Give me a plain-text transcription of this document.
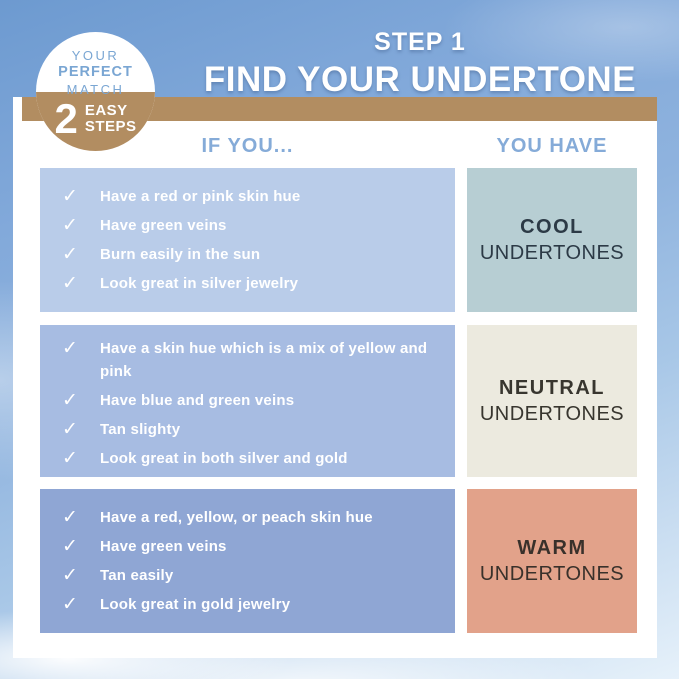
STEP 1
FIND YOUR UNDERTONE
YOUR
PERFECT
MATCH
2 EASY
STEPS
IF YOU...	YOU HAVE
✓	Have a red or pink skin hue
✓	Have green veins
✓	Burn easily in the sun
✓	Look great in silver jewelry
COOL
UNDERTONES
✓	Have a skin hue which is a mix of yellow and pink
✓	Have blue and green veins
✓	Tan slighty
✓	Look great in both silver and gold
NEUTRAL
UNDERTONES
✓	Have a red, yellow, or peach skin hue
✓	Have green veins
✓	Tan easily
✓	Look great in gold jewelry
WARM
UNDERTONES
